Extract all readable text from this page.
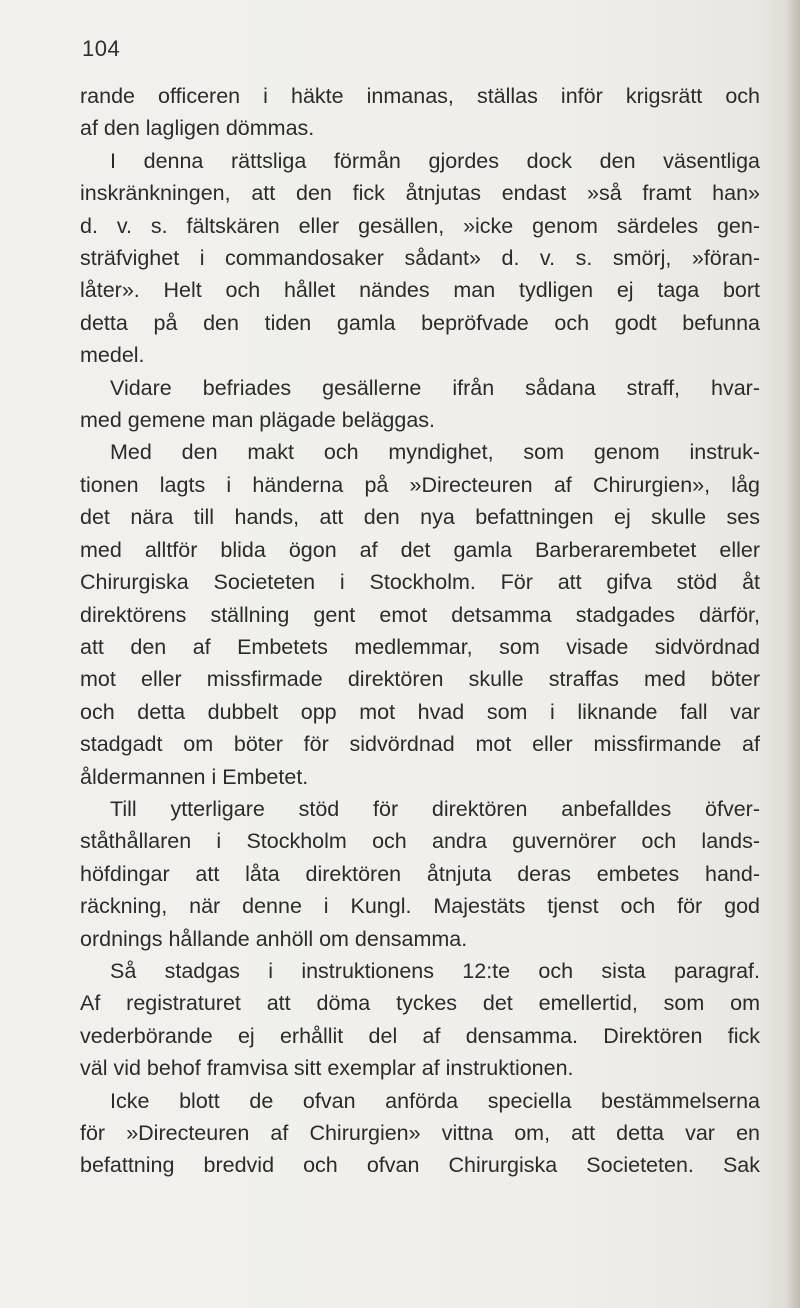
104

rande officeren i häkte inmanas, ställas inför krigsrätt och
af den lagligen dömmas.

I denna rättsliga förmån gjordes dock den väsentliga
inskränkningen, att den fick åtnjutas endast »så framt han»
d. v. s. fältskären eller gesällen, »icke genom särdeles gen-
sträfvighet i commandosaker sådant» d. v. s. smörj, »föran-
låter». Helt och hållet nändes man tydligen ej taga bort
detta på den tiden gamla bepröfvade och godt befunna
medel.

Vidare befriades gesällerne ifrån sådana straff, hvar-
med gemene man plägade beläggas.

Med den makt och myndighet, som genom instruk-
tionen lagts i händerna på »Directeuren af Chirurgien», låg
det nära till hands, att den nya befattningen ej skulle ses
med alltför blida ögon af det gamla Barberarembetet eller
Chirurgiska Societeten i Stockholm. För att gifva stöd åt
direktörens ställning gent emot detsamma stadgades därför,
att den af Embetets medlemmar, som visade sidvördnad
mot eller missfirmade direktören skulle straffas med böter
och detta dubbelt opp mot hvad som i liknande fall var
stadgadt om böter för sidvördnad mot eller missfirmande af
åldermannen i Embetet.

Till ytterligare stöd för direktören anbefalldes öfver-
ståthållaren i Stockholm och andra guvernörer och lands-
höfdingar att låta direktören åtnjuta deras embetes hand-
räckning, när denne i Kungl. Majestäts tjenst och för god
ordnings hållande anhöll om densamma.

Så stadgas i instruktionens 12:te och sista paragraf.
Af registraturet att döma tyckes det emellertid, som om
vederbörande ej erhållit del af densamma. Direktören fick
väl vid behof framvisa sitt exemplar af instruktionen.

Icke blott de ofvan anförda speciella bestämmelserna
för »Directeuren af Chirurgien» vittna om, att detta var en
befattning bredvid och ofvan Chirurgiska Societeten. Sak
